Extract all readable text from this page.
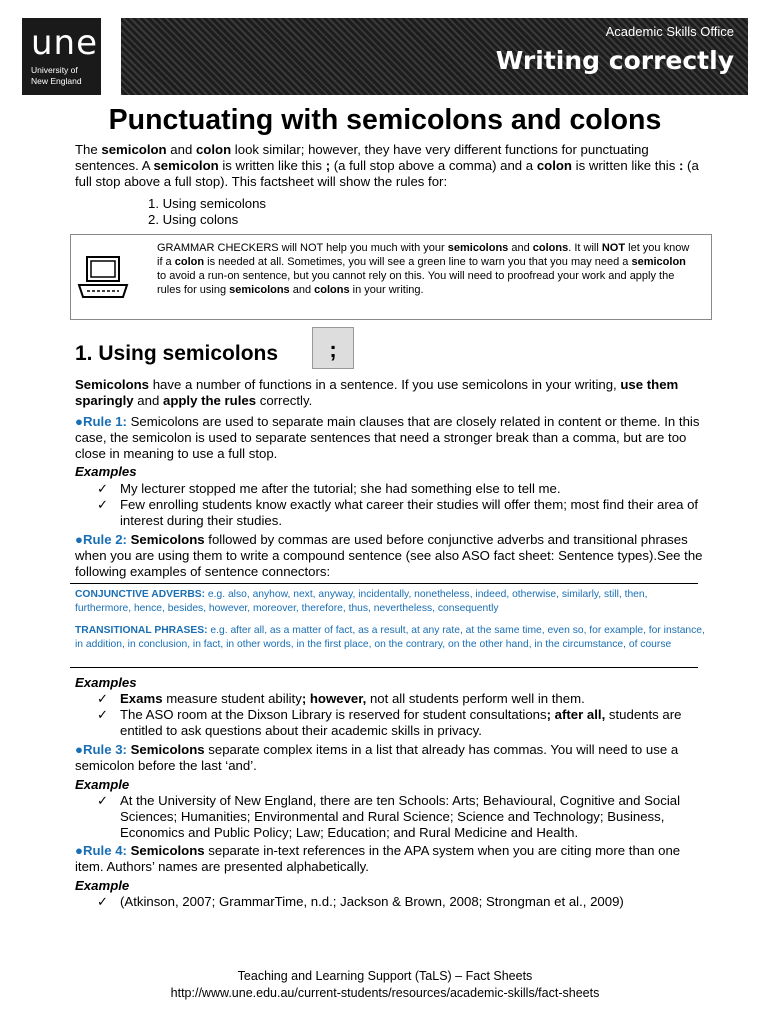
une
University of
New England
Academic Skills Office
Writing correctly
Punctuating with semicolons and colons

The semicolon and colon look similar; however, they have very different functions for punctuating sentences. A semicolon is written like this ; (a full stop above a comma) and a colon is written like this : (a full stop above a full stop). This factsheet will show the rules for:

1. Using semicolons
2. Using colons
GRAMMAR CHECKERS will NOT help you much with your semicolons and colons. It will NOT let you know if a colon is needed at all. Sometimes, you will see a green line to warn you that you may need a semicolon to avoid a run-on sentence, but you cannot rely on this. You will need to proofread your work and apply the rules for using semicolons and colons in your writing.
1. Using semicolons	;

Semicolons have a number of functions in a sentence. If you use semicolons in your writing, use them sparingly and apply the rules correctly.

●Rule 1: Semicolons are used to separate main clauses that are closely related in content or theme. In this case, the semicolon is used to separate sentences that need a stronger break than a comma, but are too close in meaning to use a full stop.

Examples
✓ My lecturer stopped me after the tutorial; she had something else to tell me.
✓ Few enrolling students know exactly what career their studies will offer them; most find their area of interest during their studies.

●Rule 2: Semicolons followed by commas are used before conjunctive adverbs and transitional phrases when you are using them to write a compound sentence (see also ASO fact sheet: Sentence types).See the following examples of sentence connectors:

CONJUNCTIVE ADVERBS: e.g. also, anyhow, next, anyway, incidentally, nonetheless, indeed, otherwise, similarly, still, then, furthermore, hence, besides, however, moreover, therefore, thus, nevertheless, consequently
TRANSITIONAL PHRASES: e.g. after all, as a matter of fact, as a result, at any rate, at the same time, even so, for example, for instance, in addition, in conclusion, in fact, in other words, in the first place, on the contrary, on the other hand, in the circumstance, of course
Examples
✓ Exams measure student ability; however, not all students perform well in them.
✓ The ASO room at the Dixson Library is reserved for student consultations; after all, students are entitled to ask questions about their academic skills in privacy.

●Rule 3: Semicolons separate complex items in a list that already has commas. You will need to use a semicolon before the last ‘and’.

Example
✓ At the University of New England, there are ten Schools: Arts; Behavioural, Cognitive and Social Sciences; Humanities; Environmental and Rural Science; Science and Technology; Business, Economics and Public Policy; Law; Education; and Rural Medicine and Health.

●Rule 4: Semicolons separate in-text references in the APA system when you are citing more than one item. Authors’ names are presented alphabetically.

Example
✓ (Atkinson, 2007; GrammarTime, n.d.; Jackson & Brown, 2008; Strongman et al., 2009)
Teaching and Learning Support (TaLS) – Fact Sheets
http://www.une.edu.au/current-students/resources/academic-skills/fact-sheets
